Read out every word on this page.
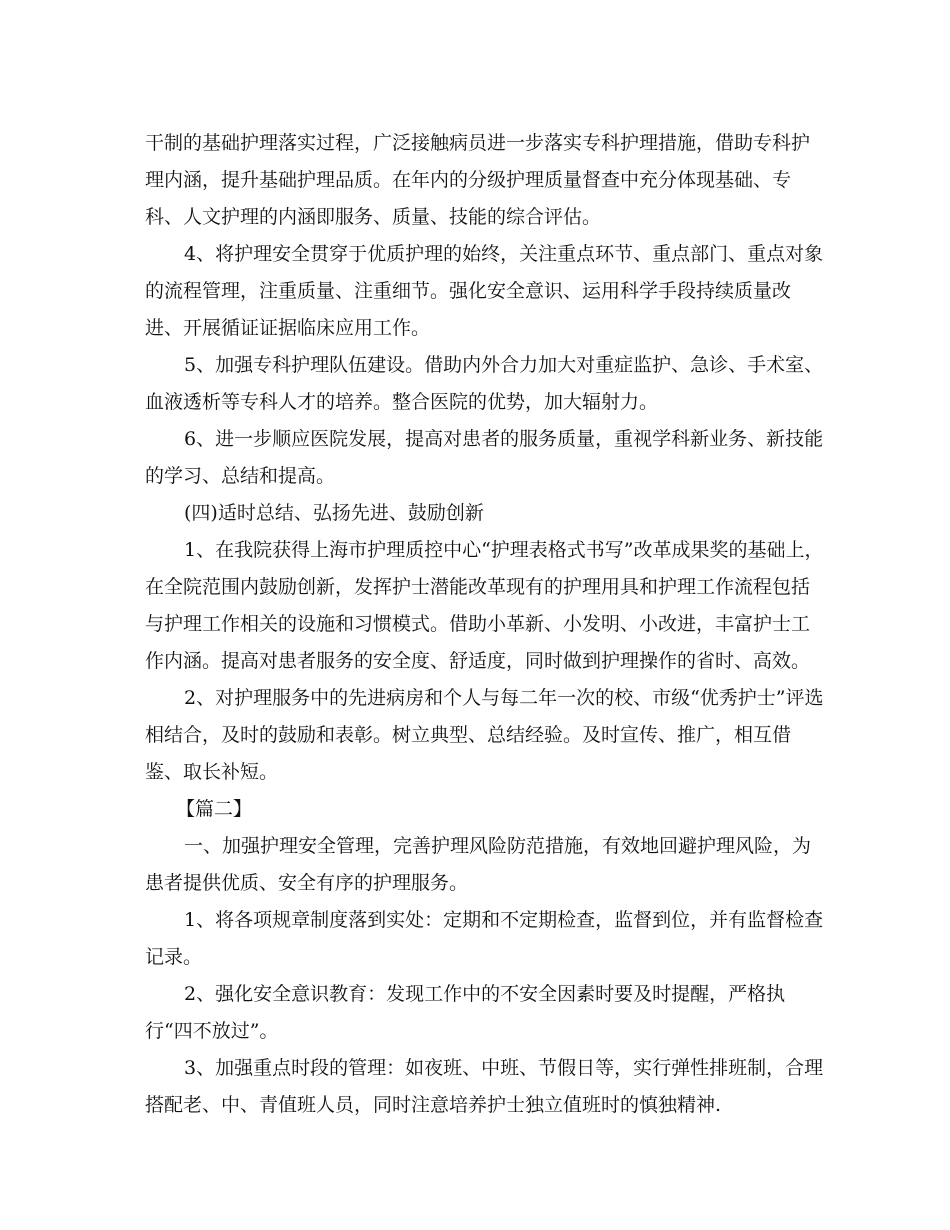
干制的基础护理落实过程，广泛接触病员进一步落实专科护理措施，借助专科护
理内涵，提升基础护理品质。在年内的分级护理质量督查中充分体现基础、专
科、人文护理的内涵即服务、质量、技能的综合评估。
4、将护理安全贯穿于优质护理的始终，关注重点环节、重点部门、重点对象
的流程管理，注重质量、注重细节。强化安全意识、运用科学手段持续质量改
进、开展循证证据临床应用工作。
5、加强专科护理队伍建设。借助内外合力加大对重症监护、急诊、手术室、
血液透析等专科人才的培养。整合医院的优势，加大辐射力。
6、进一步顺应医院发展，提高对患者的服务质量，重视学科新业务、新技能
的学习、总结和提高。
(四)适时总结、弘扬先进、鼓励创新
1、在我院获得上海市护理质控中心“护理表格式书写”改革成果奖的基础上，
在全院范围内鼓励创新，发挥护士潜能改革现有的护理用具和护理工作流程包括
与护理工作相关的设施和习惯模式。借助小革新、小发明、小改进，丰富护士工
作内涵。提高对患者服务的安全度、舒适度，同时做到护理操作的省时、高效。
2、对护理服务中的先进病房和个人与每二年一次的校、市级“优秀护士”评选
相结合，及时的鼓励和表彰。树立典型、总结经验。及时宣传、推广，相互借
鉴、取长补短。
【篇二】
一、加强护理安全管理，完善护理风险防范措施，有效地回避护理风险，为
患者提供优质、安全有序的护理服务。
1、将各项规章制度落到实处：定期和不定期检查，监督到位，并有监督检查
记录。
2、强化安全意识教育：发现工作中的不安全因素时要及时提醒，严格执
行“四不放过”。
3、加强重点时段的管理：如夜班、中班、节假日等，实行弹性排班制，合理
搭配老、中、青值班人员，同时注意培养护士独立值班时的慎独精神.
